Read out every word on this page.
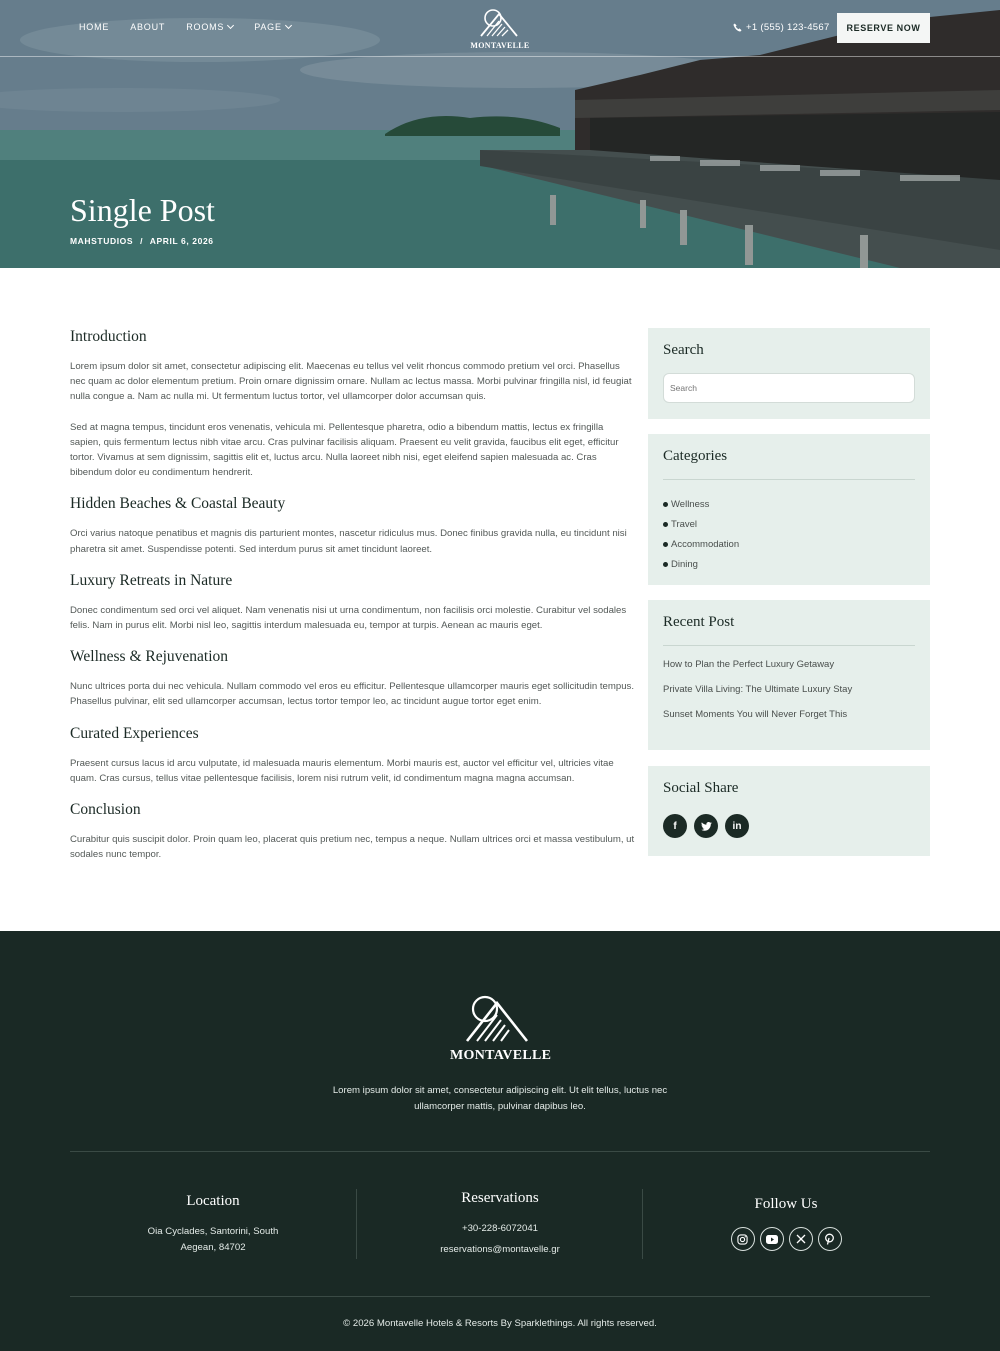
HOME ABOUT ROOMS	PAGE
MONTAVELLE
+1 (555) 123-4567 RESERVE NOW
Single Post
MAHSTUDIOS / APRIL 6, 2026
Introduction

Lorem ipsum dolor sit amet, consectetur adipiscing elit. Maecenas eu tellus vel velit rhoncus commodo pretium vel orci. Phasellus nec quam ac dolor elementum pretium. Proin ornare dignissim ornare. Nullam ac lectus massa. Morbi pulvinar fringilla nisl, id feugiat nulla congue a. Nam ac nulla mi. Ut fermentum luctus tortor, vel ullamcorper dolor accumsan quis.

Sed at magna tempus, tincidunt eros venenatis, vehicula mi. Pellentesque pharetra, odio a bibendum mattis, lectus ex fringilla sapien, quis fermentum lectus nibh vitae arcu. Cras pulvinar facilisis aliquam. Praesent eu velit gravida, faucibus elit eget, efficitur tortor. Vivamus at sem dignissim, sagittis elit et, luctus arcu. Nulla laoreet nibh nisi, eget eleifend sapien malesuada ac. Cras bibendum dolor eu condimentum hendrerit.

Hidden Beaches & Coastal Beauty

Orci varius natoque penatibus et magnis dis parturient montes, nascetur ridiculus mus. Donec finibus gravida nulla, eu tincidunt nisi pharetra sit amet. Suspendisse potenti. Sed interdum purus sit amet tincidunt laoreet.

Luxury Retreats in Nature

Donec condimentum sed orci vel aliquet. Nam venenatis nisi ut urna condimentum, non facilisis orci molestie. Curabitur vel sodales felis. Nam in purus elit. Morbi nisl leo, sagittis interdum malesuada eu, tempor at turpis. Aenean ac mauris eget.

Wellness & Rejuvenation

Nunc ultrices porta dui nec vehicula. Nullam commodo vel eros eu efficitur. Pellentesque ullamcorper mauris eget sollicitudin tempus. Phasellus pulvinar, elit sed ullamcorper accumsan, lectus tortor tempor leo, ac tincidunt augue tortor eget enim.

Curated Experiences

Praesent cursus lacus id arcu vulputate, id malesuada mauris elementum. Morbi mauris est, auctor vel efficitur vel, ultricies vitae quam. Cras cursus, tellus vitae pellentesque facilisis, lorem nisi rutrum velit, id condimentum magna magna accumsan.

Conclusion

Curabitur quis suscipit dolor. Proin quam leo, placerat quis pretium nec, tempus a neque. Nullam ultrices orci et massa vestibulum, ut sodales nunc tempor.

Search
Search
Categories
Wellness
Travel
Accommodation
Dining
Recent Post
How to Plan the Perfect Luxury Getaway
Private Villa Living: The Ultimate Luxury Stay
Sunset Moments You will Never Forget This
Social Share
f	in
MONTAVELLE
Lorem ipsum dolor sit amet, consectetur adipiscing elit. Ut elit tellus, luctus nec ullamcorper mattis, pulvinar dapibus leo.
Location
Oia Cyclades, Santorini, South
Aegean, 84702
Reservations
+30-228-6072041
reservations@montavelle.gr
Follow Us
© 2026 Montavelle Hotels & Resorts By Sparklethings. All rights reserved.
